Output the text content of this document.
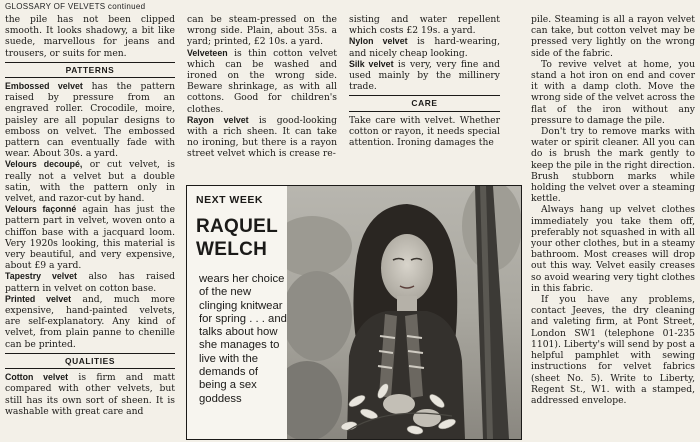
GLOSSARY OF VELVETS continued

the pile has not been clipped smooth. It looks shadowy, a bit like suede, marvellous for jeans and trousers, or suits for men.

PATTERNS

Embossed velvet has the pattern raised by pressure from an engraved roller. Crocodile, moire, paisley are all popular designs to emboss on velvet. The embossed pattern can eventually fade with wear. About 30s. a yard.

Velours decoupé, or cut velvet, is really not a velvet but a double satin, with the pattern only in velvet, and razor-cut by hand.

Velours façonné again has just the pattern part in velvet, woven onto a chiffon base with a jacquard loom. Very 1920s looking, this material is very beautiful, and very expensive, about £9 a yard.

Tapestry velvet also has raised pattern in velvet on cotton base.

Printed velvet and, much more expensive, hand-painted velvets, are self-explanatory. Any kind of velvet, from plain panne to chenille can be printed.

QUALITIES

Cotton velvet is firm and matt compared with other velvets, but still has its own sort of sheen. It is washable with great care and

can be steam-pressed on the wrong side. Plain, about 35s. a yard; printed, £2 10s. a yard.

Velveteen is thin cotton velvet which can be washed and ironed on the wrong side. Beware shrinkage, as with all cottons. Good for children's clothes.

Rayon velvet is good-looking with a rich sheen. It can take no ironing, but there is a rayon street velvet which is crease re-

sisting and water repellent which costs £2 19s. a yard.

Nylon velvet is hard-wearing, and nicely cheap looking.

Silk velvet is very, very fine and used mainly by the millinery trade.

CARE

Take care with velvet. Whether cotton or rayon, it needs special attention. Ironing damages the

pile. Steaming is all a rayon velvet can take, but cotton velvet may be pressed very lightly on the wrong side of the fabric.

To revive velvet at home, you stand a hot iron on end and cover it with a damp cloth. Move the wrong side of the velvet across the flat of the iron without any pressure to damage the pile.

Don't try to remove marks with water or spirit cleaner. All you can do is brush the mark gently to keep the pile in the right direction. Brush stubborn marks while holding the velvet over a steaming kettle.

Always hang up velvet clothes immediately you take them off, preferably not squashed in with all your other clothes, but in a steamy bathroom. Most creases will drop out this way. Velvet easily creases so avoid wearing very tight clothes in this fabric.

If you have any problems, contact Jeeves, the dry cleaning and valeting firm, at Pont Street, London SW1 (telephone 01-235 1101). Liberty's will send by post a helpful pamphlet with sewing instructions for velvet fabrics (sheet No. 5). Write to Liberty, Regent St., W1. with a stamped, addressed envelope.

NEXT WEEK
RAQUEL
WELCH
wears her choice of the new clinging knitwear for spring . . . and talks about how she manages to live with the demands of being a sex goddess
